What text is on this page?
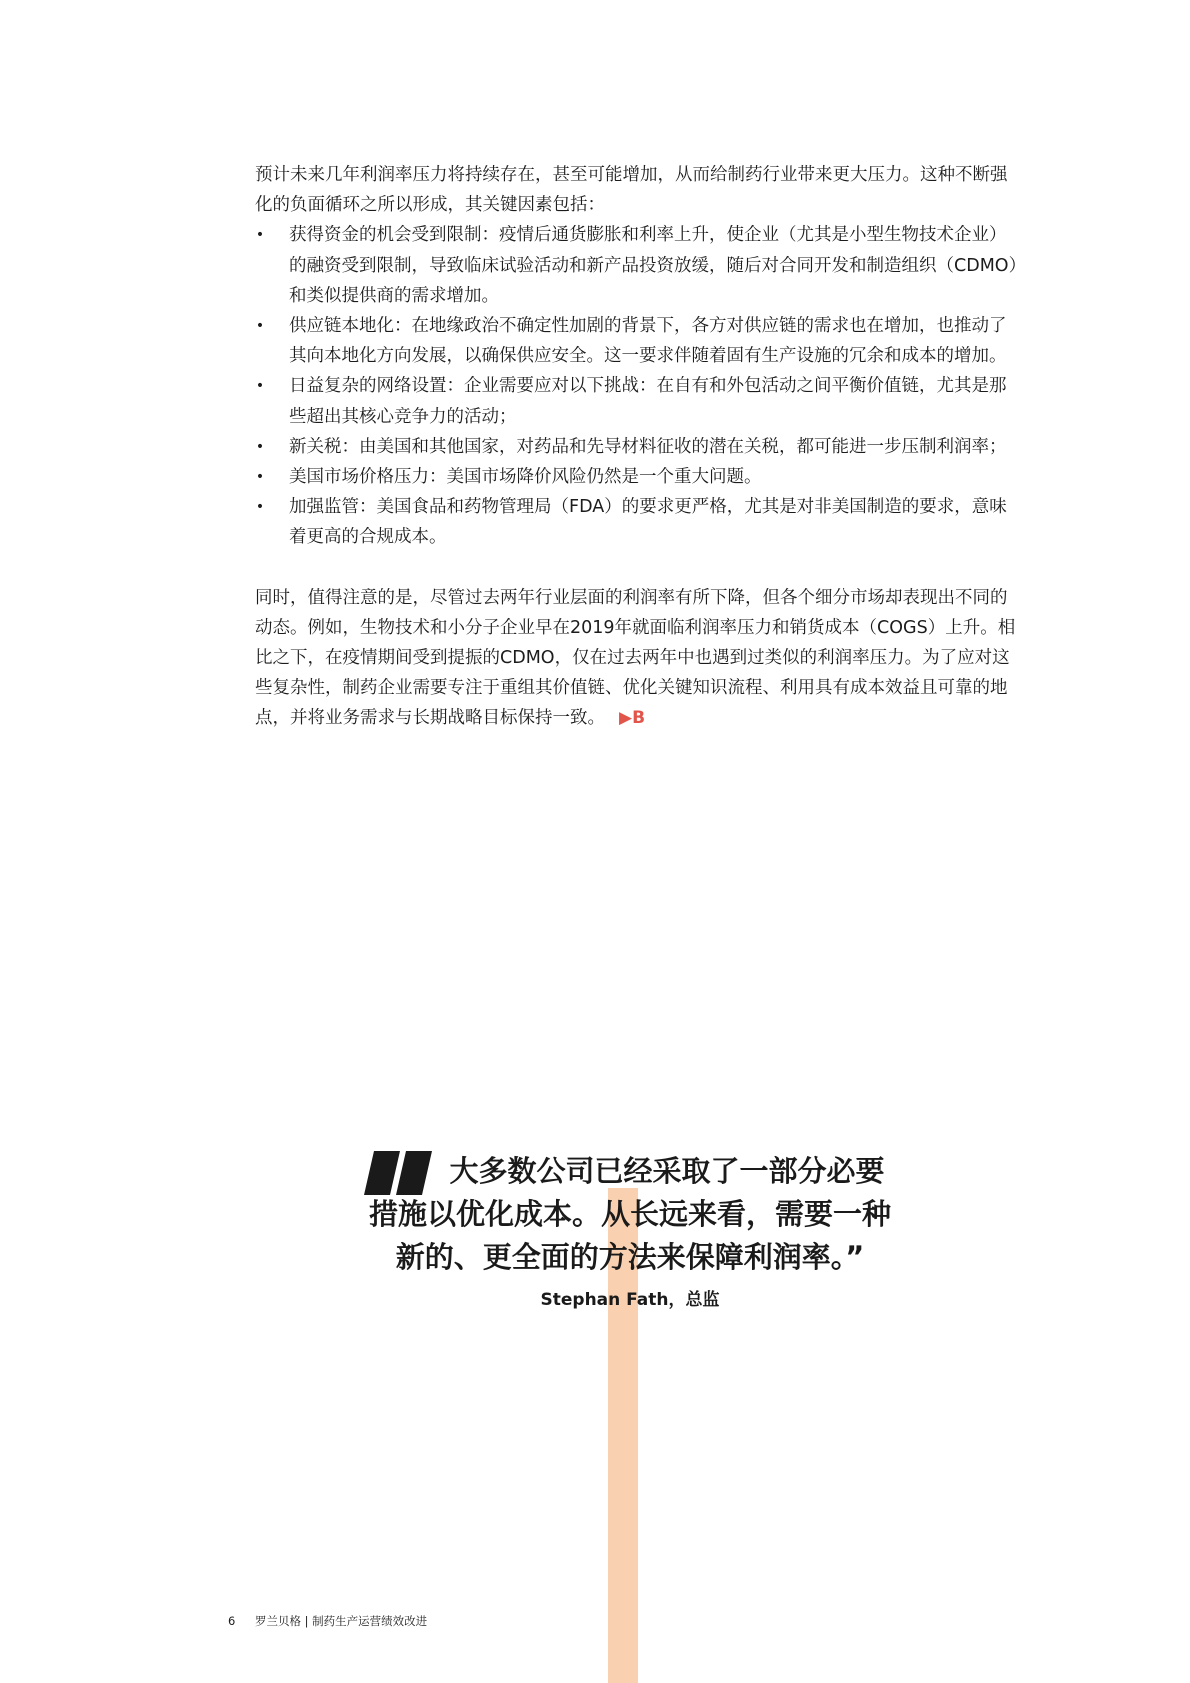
预计未来几年利润率压力将持续存在，甚至可能增加，从而给制药行业带来更大压力。这种不断强化的负面循环之所以形成，其关键因素包括：

• 获得资金的机会受到限制：疫情后通货膨胀和利率上升，使企业（尤其是小型生物技术企业）的融资受到限制，导致临床试验活动和新产品投资放缓，随后对合同开发和制造组织（CDMO）和类似提供商的需求增加。
• 供应链本地化：在地缘政治不确定性加剧的背景下，各方对供应链的需求也在增加，也推动了其向本地化方向发展，以确保供应安全。这一要求伴随着固有生产设施的冗余和成本的增加。
• 日益复杂的网络设置：企业需要应对以下挑战：在自有和外包活动之间平衡价值链，尤其是那些超出其核心竞争力的活动；
• 新关税：由美国和其他国家，对药品和先导材料征收的潜在关税，都可能进一步压制利润率；
• 美国市场价格压力：美国市场降价风险仍然是一个重大问题。
• 加强监管：美国食品和药物管理局（FDA）的要求更严格，尤其是对非美国制造的要求，意味着更高的合规成本。

同时，值得注意的是，尽管过去两年行业层面的利润率有所下降，但各个细分市场却表现出不同的动态。例如，生物技术和小分子企业早在2019年就面临利润率压力和销货成本（COGS）上升。相比之下，在疫情期间受到提振的CDMO，仅在过去两年中也遇到过类似的利润率压力。为了应对这些复杂性，制药企业需要专注于重组其价值链、优化关键知识流程、利用具有成本效益且可靠的地点，并将业务需求与长期战略目标保持一致。 ▶B

大多数公司已经采取了一部分必要
措施以优化成本。从长远来看，需要一种
新的、更全面的方法来保障利润率。”
Stephan Fath，总监
6 罗兰贝格 | 制药生产运营绩效改进
